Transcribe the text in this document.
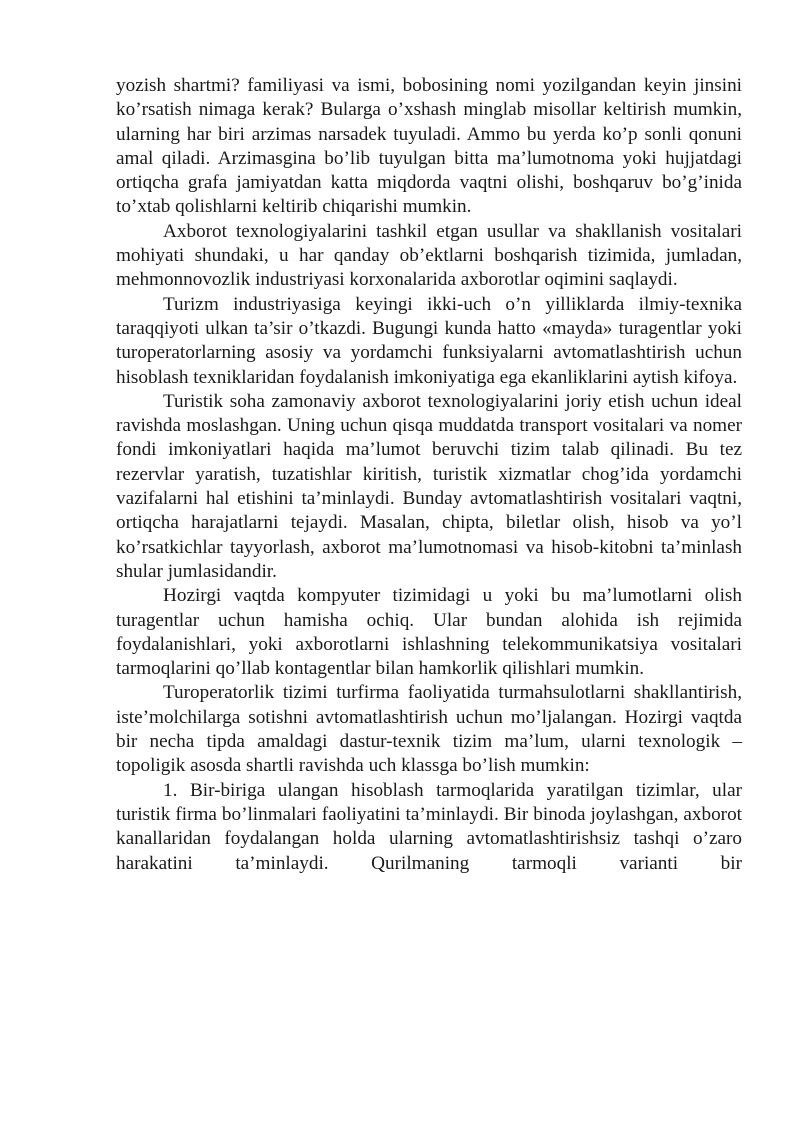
yozish shartmi? familiyasi va ismi, bobosining nomi yozilgandan keyin jinsini ko’rsatish nimaga kerak? Bularga o’xshash minglab misollar keltirish mumkin, ularning har biri arzimas narsadek tuyuladi. Ammo bu yerda ko’p sonli qonuni amal qiladi. Arzimasgina bo’lib tuyulgan bitta ma’lumotnoma yoki hujjatdagi ortiqcha grafa jamiyatdan katta miqdorda vaqtni olishi, boshqaruv bo’g’inida to’xtab qolishlarni keltirib chiqarishi mumkin.

Axborot texnologiyalarini tashkil etgan usullar va shakllanish vositalari mohiyati shundaki, u har qanday ob’ektlarni boshqarish tizimida, jumladan, mehmonnovozlik industriyasi korxonalarida axborotlar oqimini saqlaydi.

Turizm industriyasiga keyingi ikki-uch o’n yilliklarda ilmiy-texnika taraqqiyoti ulkan ta’sir o’tkazdi. Bugungi kunda hatto «mayda» turagentlar yoki turoperatorlarning asosiy va yordamchi funksiyalarni avtomatlashtirish uchun hisoblash texniklaridan foydalanish imkoniyatiga ega ekanliklarini aytish kifoya.

Turistik soha zamonaviy axborot texnologiyalarini joriy etish uchun ideal ravishda moslashgan. Uning uchun qisqa muddatda transport vositalari va nomer fondi imkoniyatlari haqida ma’lumot beruvchi tizim talab qilinadi. Bu tez rezervlar yaratish, tuzatishlar kiritish, turistik xizmatlar chog’ida yordamchi vazifalarni hal etishini ta’minlaydi. Bunday avtomatlashtirish vositalari vaqtni, ortiqcha harajatlarni tejaydi. Masalan, chipta, biletlar olish, hisob va yo’l ko’rsatkichlar tayyorlash, axborot ma’lumotnomasi va hisob-kitobni ta’minlash shular jumlasidandir.

Hozirgi vaqtda kompyuter tizimidagi u yoki bu ma’lumotlarni olish turagentlar uchun hamisha ochiq. Ular bundan alohida ish rejimida foydalanishlari, yoki axborotlarni ishlashning telekommunikatsiya vositalari tarmoqlarini qo’llab kontagentlar bilan hamkorlik qilishlari mumkin.

Turoperatorlik tizimi turfirma faoliyatida turmahsulotlarni shakllantirish, iste’molchilarga sotishni avtomatlashtirish uchun mo’ljalangan. Hozirgi vaqtda bir necha tipda amaldagi dastur-texnik tizim ma’lum, ularni texnologik – topoligik asosda shartli ravishda uch klassga bo’lish mumkin:

1. Bir-biriga ulangan hisoblash tarmoqlarida yaratilgan tizimlar, ular turistik firma bo’linmalari faoliyatini ta’minlaydi. Bir binoda joylashgan, axborot kanallaridan foydalangan holda ularning avtomatlashtirishsiz tashqi o’zaro harakatini ta’minlaydi. Qurilmaning tarmoqli varianti bir
